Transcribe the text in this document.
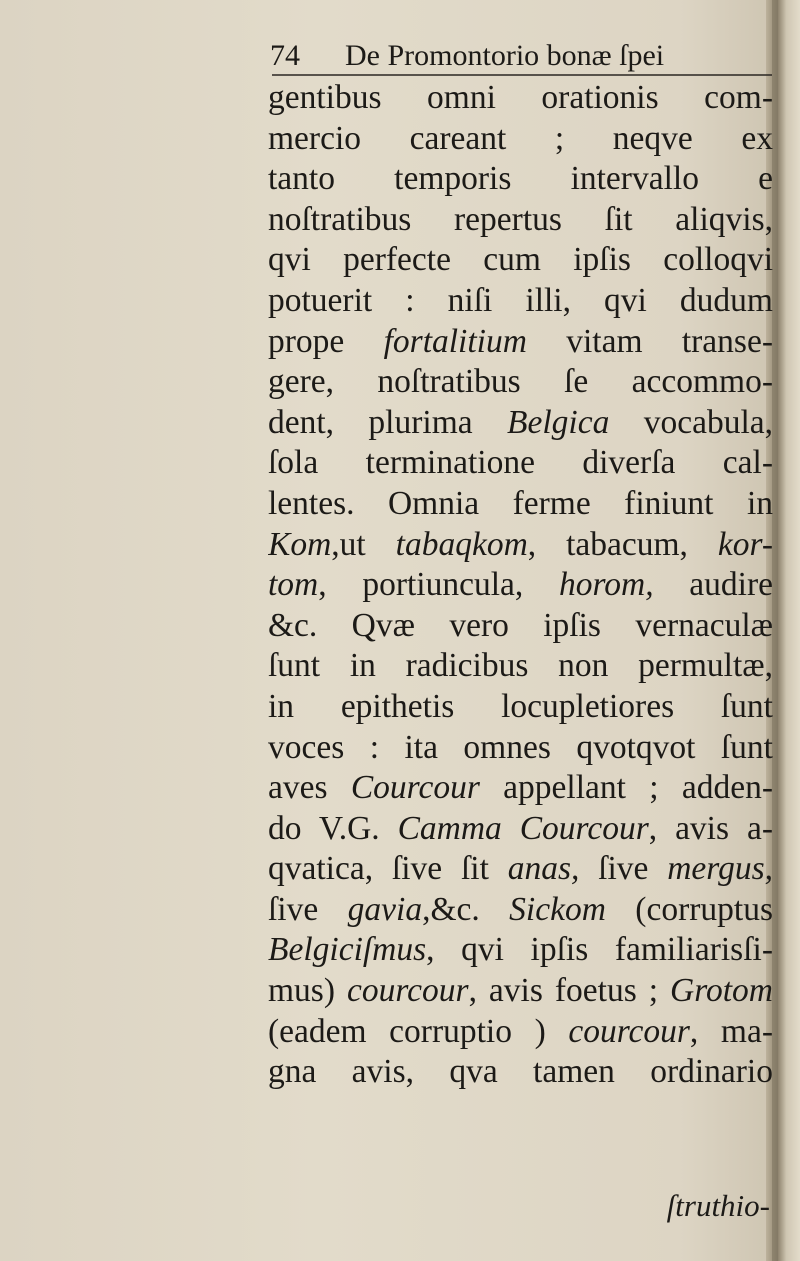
74 De Promontorio bonæ ſpei
gentibus omni orationis com-
mercio careant ; neqve ex
tanto temporis intervallo e
noſtratibus repertus ſit aliqvis,
qvi perfecte cum ipſis colloqvi
potuerit : niſi illi, qvi dudum
prope fortalitium vitam transe-
gere, noſtratibus ſe accommo-
dent, plurima Belgica vocabula,
ſola terminatione diverſa cal-
lentes. Omnia ferme finiunt in
Kom,ut tabaqkom, tabacum, kor-
tom, portiuncula, horom, audire
&c. Qvæ vero ipſis vernaculæ
ſunt in radicibus non permultæ,
in epithetis locupletiores ſunt
voces : ita omnes qvotqvot ſunt
aves Courcour appellant ; adden-
do V.G. Camma Courcour, avis a-
qvatica, ſive ſit anas, ſive mergus,
ſive gavia,&c. Sickom (corruptus
Belgiciſmus, qvi ipſis familiarisſi-
mus) courcour, avis foetus ; Grotom
(eadem corruptio ) courcour, ma-
gna avis, qva tamen ordinario
ſtruthio-
